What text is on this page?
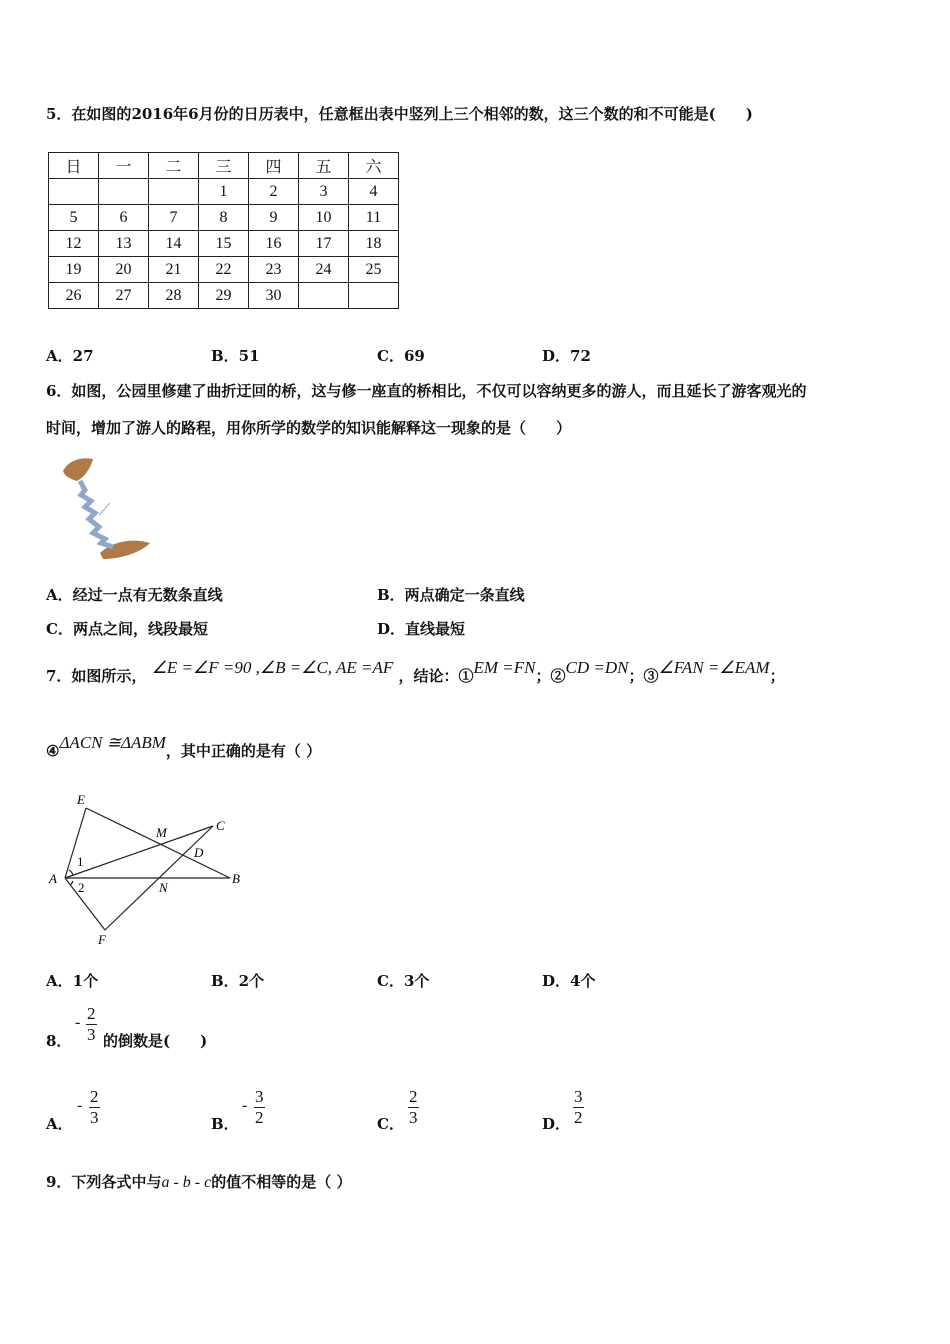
5．在如图的2016年6月份的日历表中，任意框出表中竖列上三个相邻的数，这三个数的和不可能是(　　)
日	一	二	三	四	五	六
			1	2	3	4
5	6	7	8	9	10	11
12	13	14	15	16	17	18
19	20	21	22	23	24	25
26	27	28	29	30		
A．27	B．51	C．69	D．72
6．如图，公园里修建了曲折迂回的桥，这与修一座直的桥相比，不仅可以容纳更多的游人，而且延长了游客观光的
时间，增加了游人的路程，用你所学的数学的知识能解释这一现象的是（　　）
A．经过一点有无数条直线	B．两点确定一条直线
C．两点之间，线段最短	D．直线最短
7．如图所示， ∠E =∠F =90 ,∠B =∠C, AE =AF ，结论：①EM =FN；②CD =DN；③∠FAN =∠EAM；
④ΔACN ≅ΔABM，其中正确的是有（ ）
E
M	C
D
A
1
2	N
B
F
A．1个	B．2个	C．3个	D．4个
8．
- $\frac{2}{3}$ 的倒数是(　　)
A．
- $\frac{2}{3}$	B．
- $\frac{3}{2}$	C． $\frac{2}{3}$	D． $\frac{3}{2}$
9．下列各式中与a - b - c的值不相等的是（ ）
